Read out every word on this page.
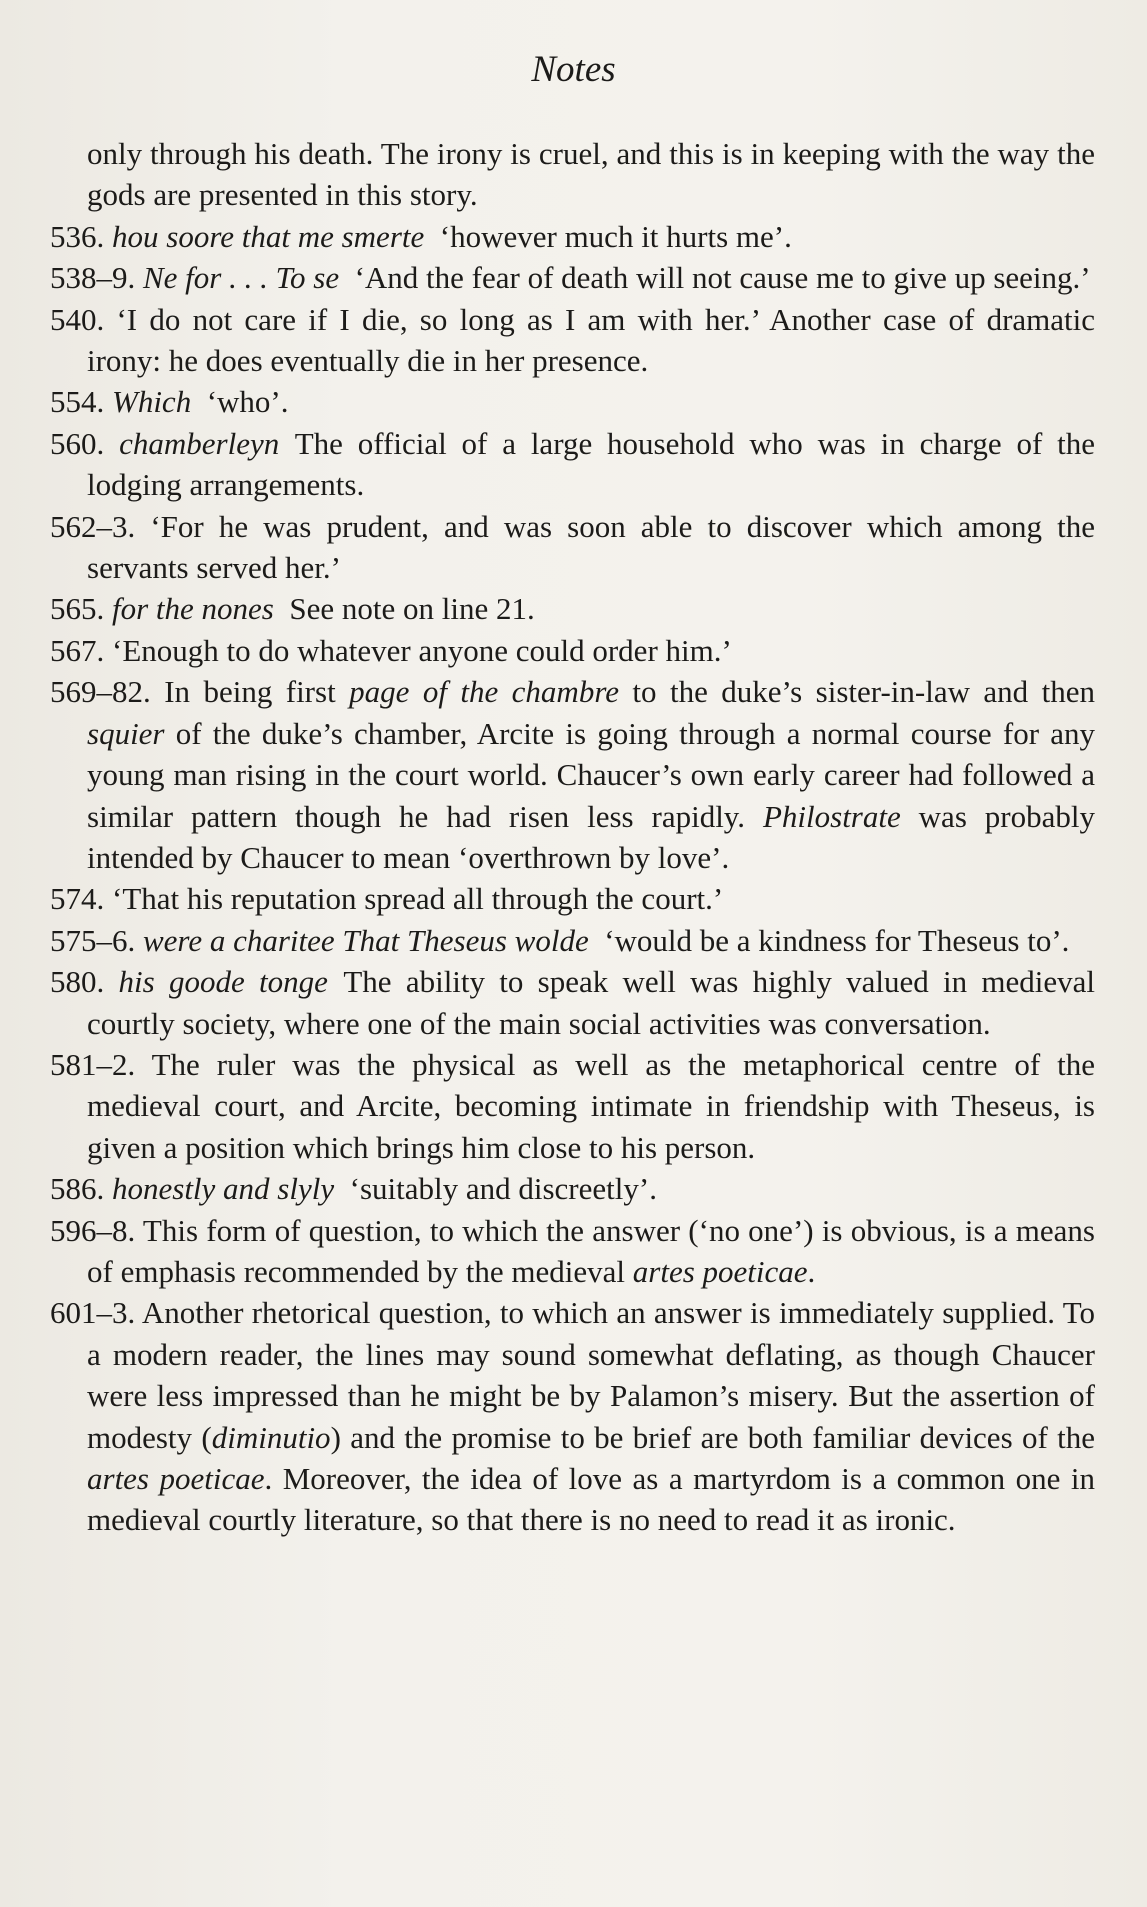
Notes

only through his death. The irony is cruel, and this is in keeping with the way the gods are presented in this story.

536. hou soore that me smerte  ‘however much it hurts me’.

538–9. Ne for . . . To se  ‘And the fear of death will not cause me to give up seeing.’

540. ‘I do not care if I die, so long as I am with her.’ Another case of dramatic irony: he does eventually die in her presence.

554. Which  ‘who’.

560. chamberleyn  The official of a large household who was in charge of the lodging arrangements.

562–3. ‘For he was prudent, and was soon able to discover which among the servants served her.’

565. for the nones  See note on line 21.

567. ‘Enough to do whatever anyone could order him.’

569–82. In being first page of the chambre to the duke’s sister-in-law and then squier of the duke’s chamber, Arcite is going through a normal course for any young man rising in the court world. Chaucer’s own early career had followed a similar pattern though he had risen less rapidly. Philostrate was probably intended by Chaucer to mean ‘overthrown by love’.

574. ‘That his reputation spread all through the court.’

575–6. were a charitee That Theseus wolde  ‘would be a kindness for Theseus to’.

580. his goode tonge  The ability to speak well was highly valued in medieval courtly society, where one of the main social activities was conversation.

581–2. The ruler was the physical as well as the metaphorical centre of the medieval court, and Arcite, becoming intimate in friendship with Theseus, is given a position which brings him close to his person.

586. honestly and slyly  ‘suitably and discreetly’.

596–8. This form of question, to which the answer (‘no one’) is obvious, is a means of emphasis recommended by the medieval artes poeticae.

601–3. Another rhetorical question, to which an answer is immediately supplied. To a modern reader, the lines may sound somewhat deflating, as though Chaucer were less impressed than he might be by Palamon’s misery. But the assertion of modesty (diminutio) and the promise to be brief are both familiar devices of the artes poeticae. Moreover, the idea of love as a martyrdom is a common one in medieval courtly literature, so that there is no need to read it as ironic.
